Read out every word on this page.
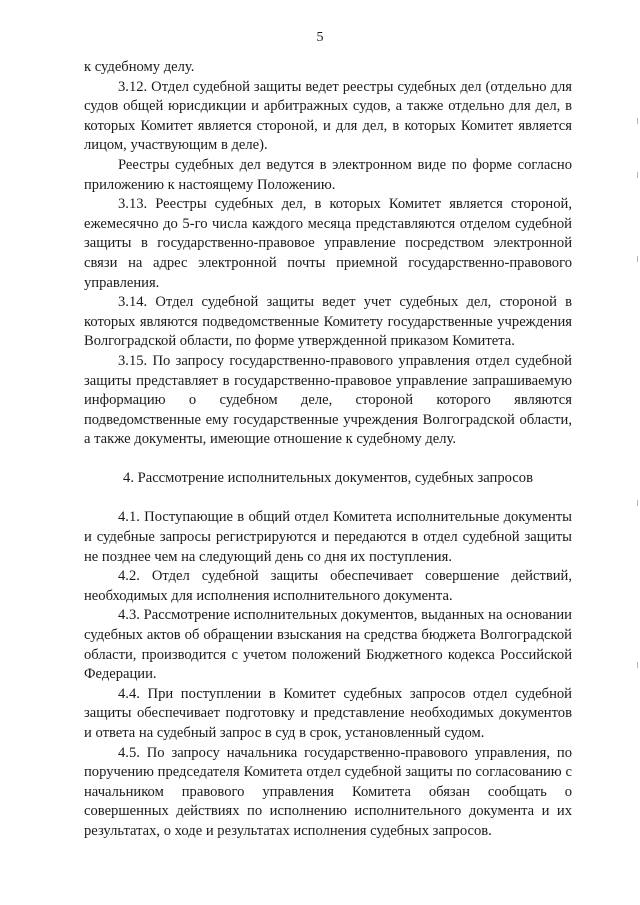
5

к судебному делу.

3.12. Отдел судебной защиты ведет реестры судебных дел (отдельно для судов общей юрисдикции и арбитражных судов, а также отдельно для дел, в которых Комитет является стороной, и для дел, в которых Комитет является лицом, участвующим в деле).

Реестры судебных дел ведутся в электронном виде по форме согласно приложению к настоящему Положению.

3.13. Реестры судебных дел, в которых Комитет является стороной, ежемесячно до 5-го числа каждого месяца представляются отделом судебной защиты в государственно-правовое управление посредством электронной связи на адрес электронной почты приемной государственно-правового управления.

3.14. Отдел судебной защиты ведет учет судебных дел, стороной в которых являются подведомственные Комитету государственные учреждения Волгоградской области, по форме утвержденной приказом Комитета.

3.15. По запросу государственно-правового управления отдел судебной защиты представляет в государственно-правовое управление запрашиваемую информацию о судебном деле, стороной которого являются подведомственные ему государственные учреждения Волгоградской области, а также документы, имеющие отношение к судебному делу.

4. Рассмотрение исполнительных документов, судебных запросов

4.1. Поступающие в общий отдел Комитета исполнительные документы и судебные запросы регистрируются и передаются в отдел судебной защиты не позднее чем на следующий день со дня их поступления.

4.2. Отдел судебной защиты обеспечивает совершение действий, необходимых для исполнения исполнительного документа.

4.3. Рассмотрение исполнительных документов, выданных на основании судебных актов об обращении взыскания на средства бюджета Волгоградской области, производится с учетом положений Бюджетного кодекса Российской Федерации.

4.4. При поступлении в Комитет судебных запросов отдел судебной защиты обеспечивает подготовку и представление необходимых документов и ответа на судебный запрос в суд в срок, установленный судом.

4.5. По запросу начальника государственно-правового управления, по поручению председателя Комитета отдел судебной защиты по согласованию с начальником правового управления Комитета обязан сообщать о совершенных действиях по исполнению исполнительного документа и их результатах, о ходе и результатах исполнения судебных запросов.
